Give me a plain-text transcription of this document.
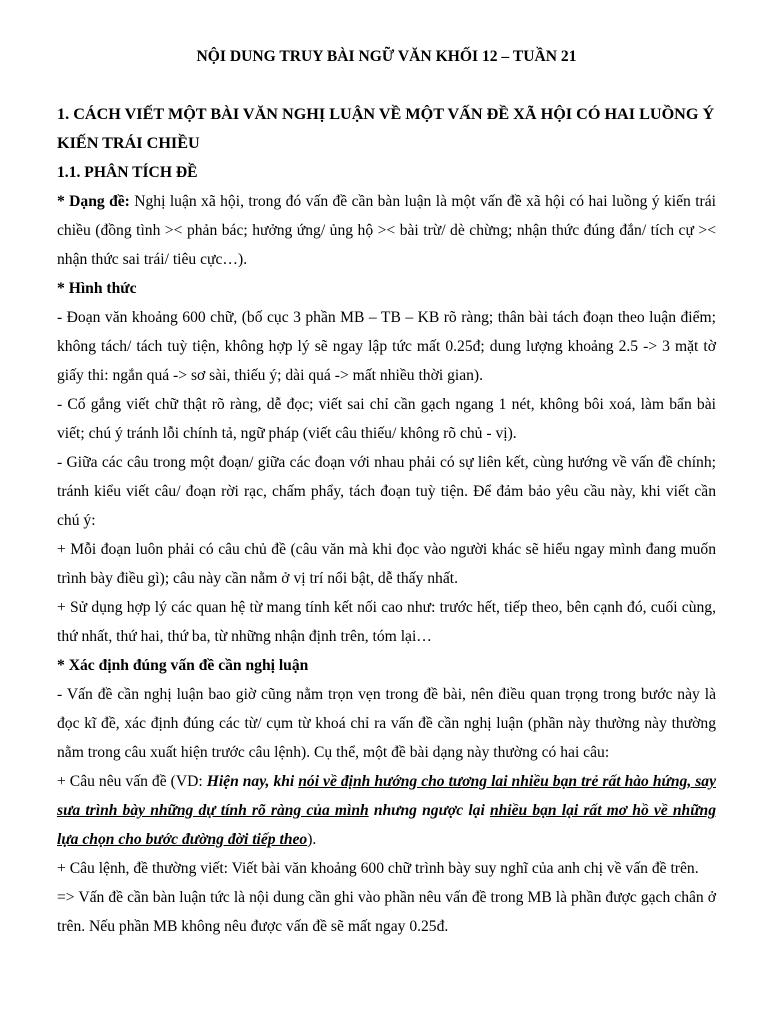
NỘI DUNG TRUY BÀI NGỮ VĂN KHỐI 12 – TUẦN 21
1. CÁCH VIẾT MỘT BÀI VĂN NGHỊ LUẬN VỀ MỘT VẤN ĐỀ XÃ HỘI CÓ HAI LUỒNG Ý KIẾN TRÁI CHIỀU
1.1. PHÂN TÍCH ĐỀ

* Dạng đề: Nghị luận xã hội, trong đó vấn đề cần bàn luận là một vấn đề xã hội có hai luồng ý kiến trái chiều (đồng tình >< phản bác; hưởng ứng/ ủng hộ >< bài trừ/ dè chừng; nhận thức đúng đắn/ tích cự >< nhận thức sai trái/ tiêu cực…).

* Hình thức

- Đoạn văn khoảng 600 chữ, (bố cục 3 phần MB – TB – KB rõ ràng; thân bài tách đoạn theo luận điểm; không tách/ tách tuỳ tiện, không hợp lý sẽ ngay lập tức mất 0.25đ; dung lượng khoảng 2.5 -> 3 mặt tờ giấy thi: ngắn quá -> sơ sài, thiếu ý; dài quá -> mất nhiều thời gian).

- Cố gắng viết chữ thật rõ ràng, dễ đọc; viết sai chỉ cần gạch ngang 1 nét, không bôi xoá, làm bẩn bài viết; chú ý tránh lỗi chính tả, ngữ pháp (viết câu thiếu/ không rõ chủ - vị).

- Giữa các câu trong một đoạn/ giữa các đoạn với nhau phải có sự liên kết, cùng hướng về vấn đề chính; tránh kiểu viết câu/ đoạn rời rạc, chấm phẩy, tách đoạn tuỳ tiện. Để đảm bảo yêu cầu này, khi viết cần chú ý:

+ Mỗi đoạn luôn phải có câu chủ đề (câu văn mà khi đọc vào người khác sẽ hiểu ngay mình đang muốn trình bày điều gì); câu này cần nằm ở vị trí nổi bật, dễ thấy nhất.

+ Sử dụng hợp lý các quan hệ từ mang tính kết nối cao như: trước hết, tiếp theo, bên cạnh đó, cuối cùng, thứ nhất, thứ hai, thứ ba, từ những nhận định trên, tóm lại…

* Xác định đúng vấn đề cần nghị luận

- Vấn đề cần nghị luận bao giờ cũng nằm trọn vẹn trong đề bài, nên điều quan trọng trong bước này là đọc kĩ đề, xác định đúng các từ/ cụm từ khoá chỉ ra vấn đề cần nghị luận (phần này thường này thường nằm trong câu xuất hiện trước câu lệnh). Cụ thể, một đề bài dạng này thường có hai câu:

+ Câu nêu vấn đề (VD: Hiện nay, khi nói về định hướng cho tương lai nhiều bạn trẻ rất hào hứng, say sưa trình bày những dự tính rõ ràng của mình nhưng ngược lại nhiều bạn lại rất mơ hồ về những lựa chọn cho bước đường đời tiếp theo).

+ Câu lệnh, đề thường viết: Viết bài văn khoảng 600 chữ trình bày suy nghĩ của anh chị về vấn đề trên.

=> Vấn đề cần bàn luận tức là nội dung cần ghi vào phần nêu vấn đề trong MB là phần được gạch chân ở trên. Nếu phần MB không nêu được vấn đề sẽ mất ngay 0.25đ.
